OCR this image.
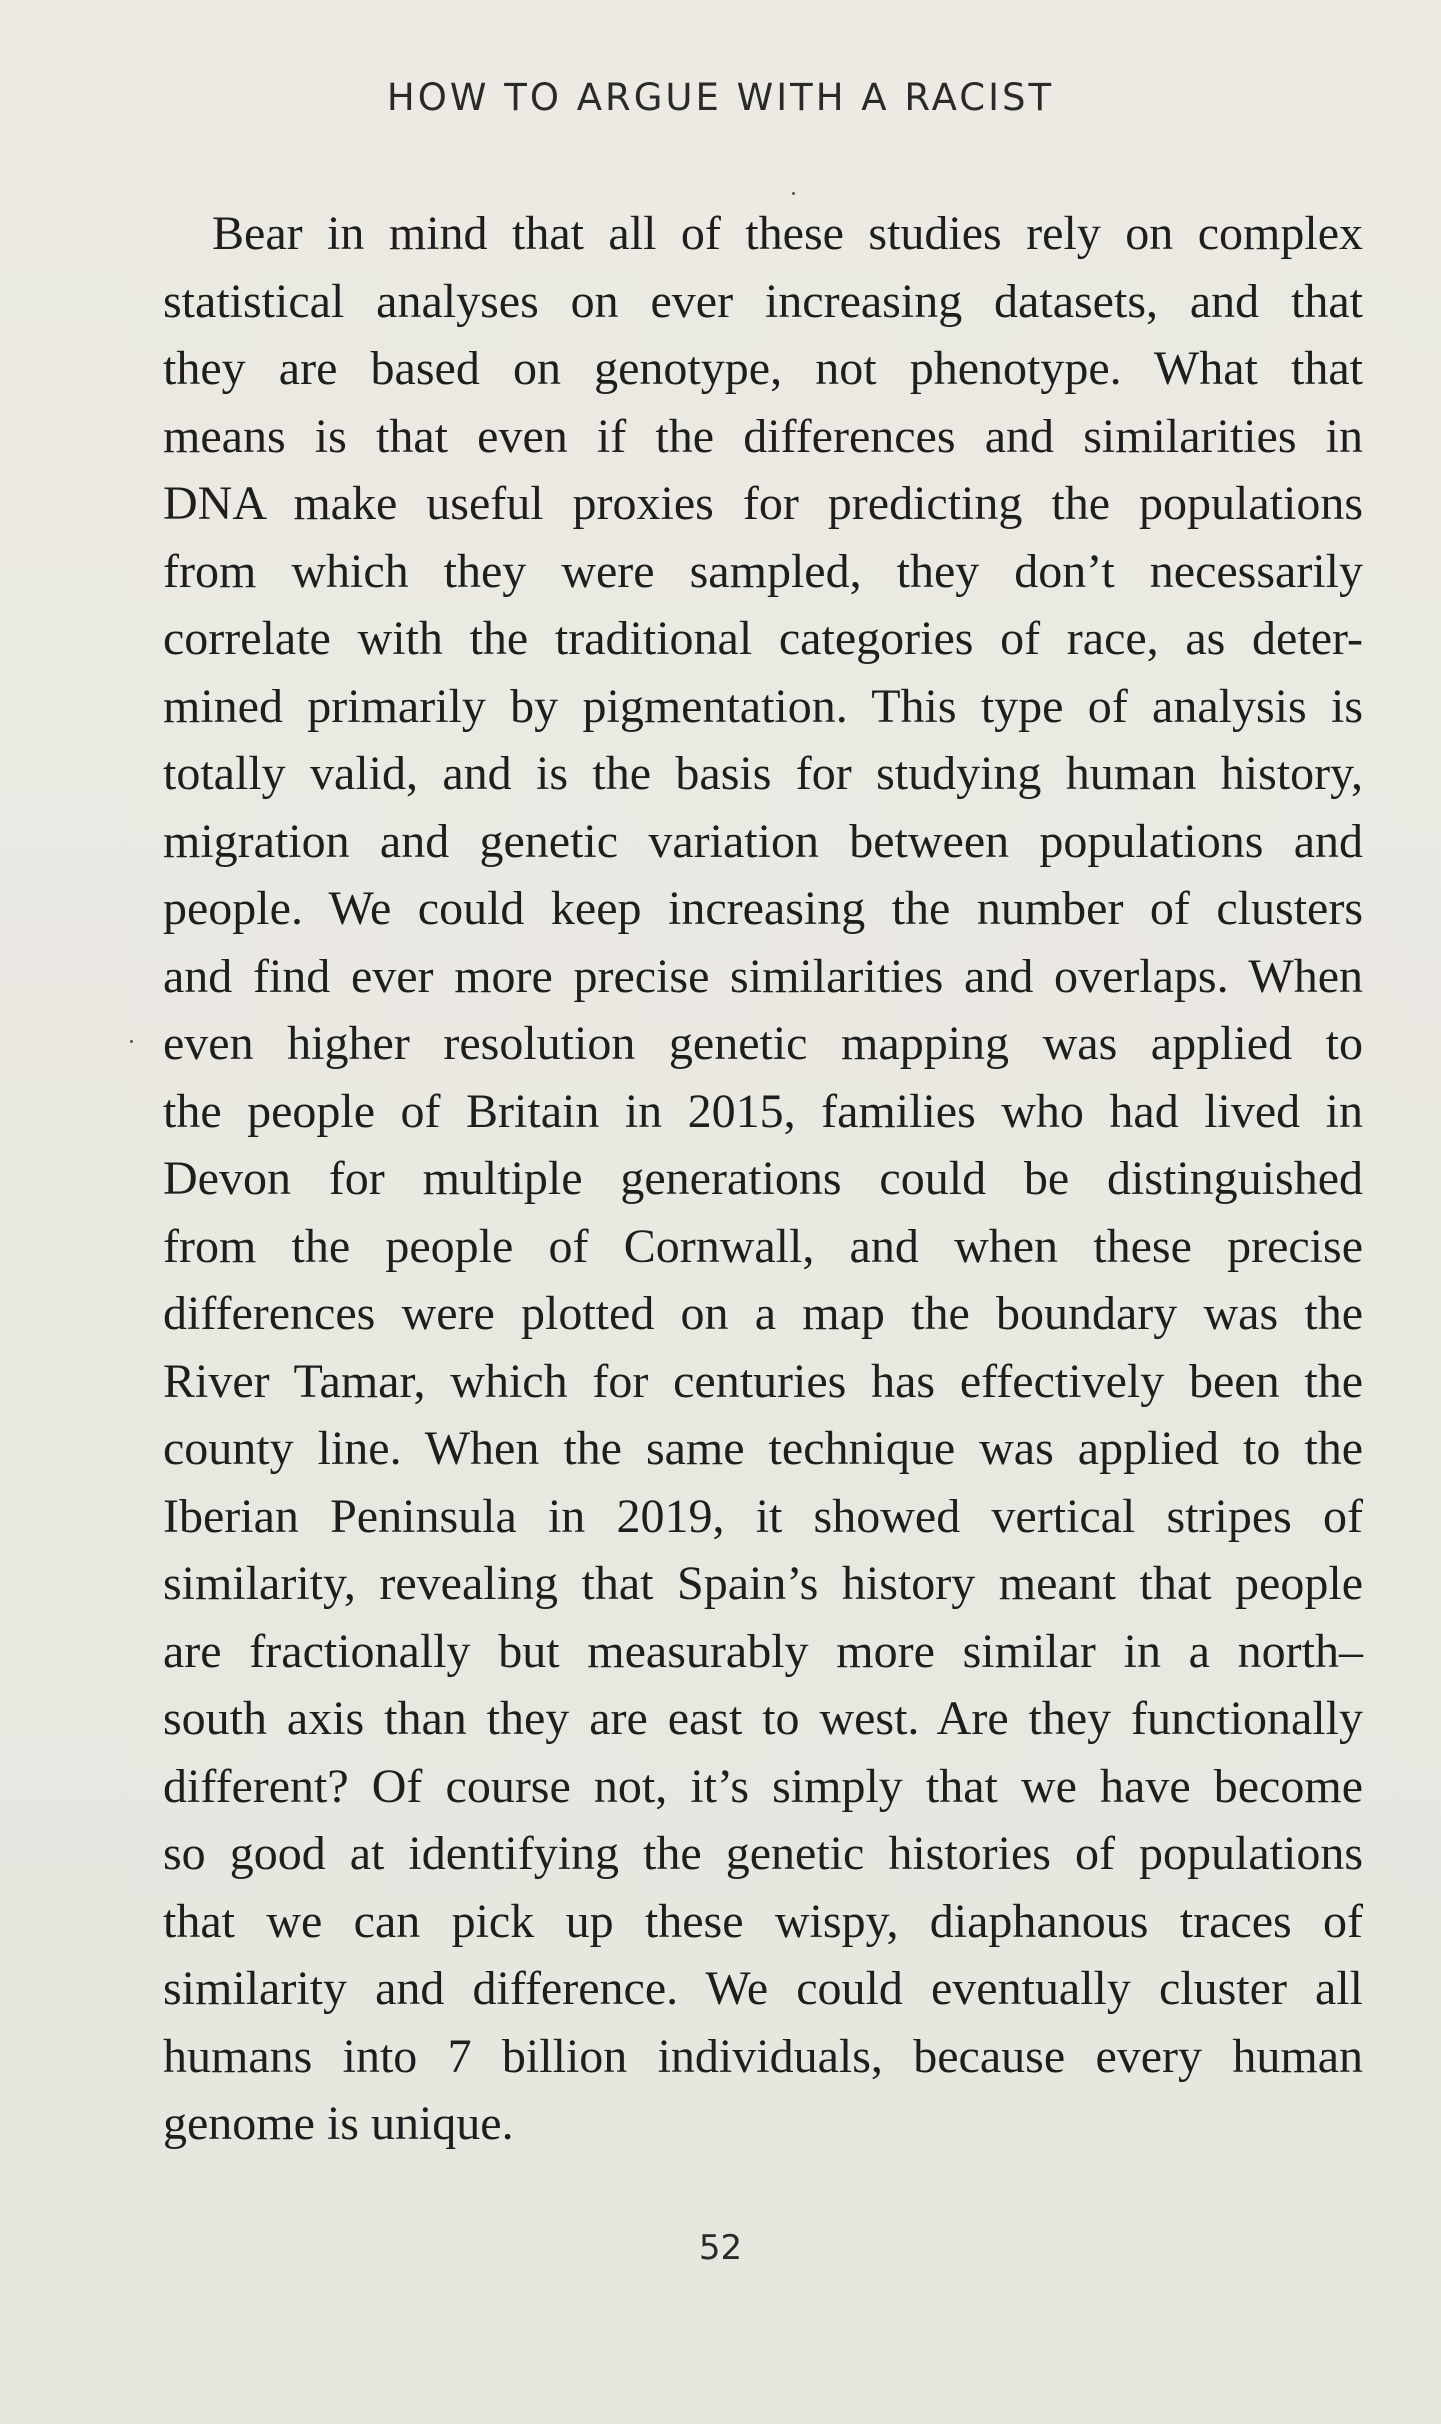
HOW TO ARGUE WITH A RACIST
Bear in mind that all of these studies rely on complex
statistical analyses on ever increasing datasets, and that
they are based on genotype, not phenotype. What that
means is that even if the differences and similarities in
DNA make useful proxies for predicting the populations
from which they were sampled, they don’t necessarily
correlate with the traditional categories of race, as deter-
mined primarily by pigmentation. This type of analysis is
totally valid, and is the basis for studying human history,
migration and genetic variation between populations and
people. We could keep increasing the number of clusters
and find ever more precise similarities and overlaps. When
even higher resolution genetic mapping was applied to
the people of Britain in 2015, families who had lived in
Devon for multiple generations could be distinguished
from the people of Cornwall, and when these precise
differences were plotted on a map the boundary was the
River Tamar, which for centuries has effectively been the
county line. When the same technique was applied to the
Iberian Peninsula in 2019, it showed vertical stripes of
similarity, revealing that Spain’s history meant that people
are fractionally but measurably more similar in a north–
south axis than they are east to west. Are they functionally
different? Of course not, it’s simply that we have become
so good at identifying the genetic histories of populations
that we can pick up these wispy, diaphanous traces of
similarity and difference. We could eventually cluster all
humans into 7 billion individuals, because every human
genome is unique.
52
